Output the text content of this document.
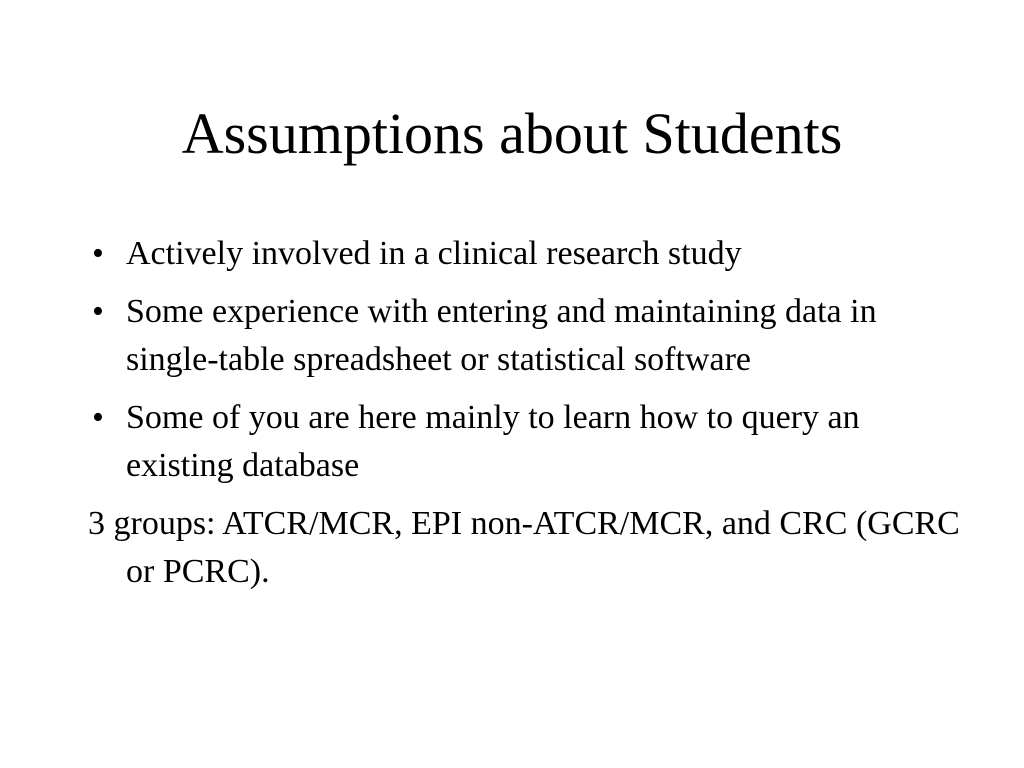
Assumptions about Students
• Actively involved in a clinical research study
• Some experience with entering and maintaining data in single-table spreadsheet or statistical software
• Some of you are here mainly to learn how to query an existing database
3 groups: ATCR/MCR, EPI non-ATCR/MCR, and CRC (GCRC or PCRC).
